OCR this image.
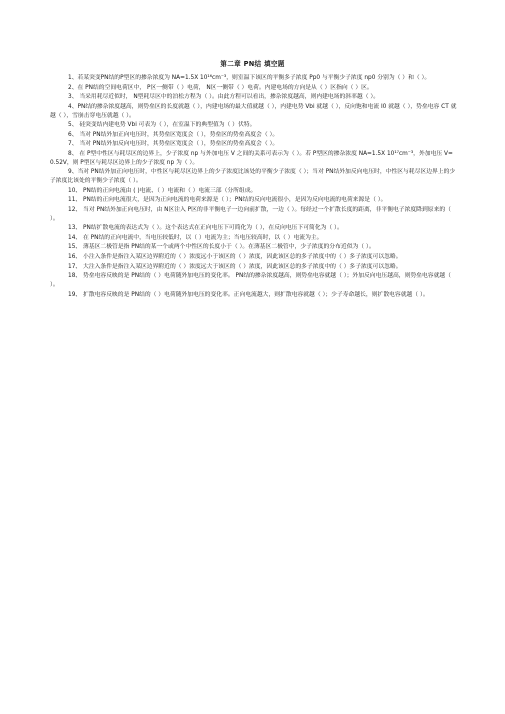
第二章 PN结 填空题

1、若某突变PN结的P型区的掺杂浓度为 NA=1.5X 10¹⁶cm⁻³，则室温下该区的平衡多子浓度 Pp0 与平衡少子浓度 np0 分别为（ ）和（ ）。

2、在 PN结的空间电荷区中， P区一侧带（ ）电荷， N区一侧带（ ）电荷。内建电场的方向是从（ ）区指向（ ）区。

3、 当采用耗尽近似时， N型耗尽区中的泊松方程为（ ）。由此方程可以看出，掺杂浓度越高，则内建电场的斜率越（ ）。

4、PN结的掺杂浓度越高，则势垒区的长度就越（ ），内建电场的最大值就越（ ），内建电势 Vbi 就越（ ），反向饱和电流 I0 就越（ ），势垒电容 CT 就越（ ），雪崩击穿电压就越（ ）。

5、 硅突变结内建电势 Vbi 可表为（ ），在室温下的典型值为（ ）伏特。

6、 当对 PN结外加正向电压时，其势垒区宽度会（ ），势垒区的势垒高度会（ ）。

7、 当对 PN结外加反向电压时，其势垒区宽度会（ ），势垒区的势垒高度会（ ）。

8、 在 P型中性区与耗尽区的边界上，少子浓度 np 与外加电压 V 之间的关系可表示为（ ）。若 P型区的掺杂浓度 NA=1.5X 10¹⁷cm⁻³，外加电压 V= 0.52V，则 P型区与耗尽区边界上的少子浓度 np 为（ ）。

9、当对 PN结外加正向电压时，中性区与耗尽区边界上的少子浓度比该处的平衡少子浓度（ ）；当对 PN结外加反向电压时，中性区与耗尽区边界上的少子浓度比该处的平衡少子浓度（ ）。

10、 PN结的正向电流由 ( )电流、（ ）电流和（ ）电流三部（分所组成。

11、 PN结的正向电流很大，是因为正向电流的电荷来源是（ ）；PN结的反向电流很小，是因为反向电流的电荷来源是（ ）。

12、 当对 PN结外加正向电压时，由 N区注入 P区的非平衡电子一边向前扩散，一边（ ）。每经过一个扩散长度的距离，非平衡电子浓度降到原来的（ ）。

13、 PN结扩散电流的表达式为（ ）。这个表达式在正向电压下可简化为（ ），在反向电压下可简化为（ ）。

14、 在 PN结的正向电流中，当电压较低时，以（ ）电流为主；当电压较高时，以（ ）电流为主。

15、 薄基区二极管是指 PN结的某一个或两个中性区的长度小于（ ）。在薄基区二极管中，少子浓度的分布近似为（ ）。

16、 小注入条件是指注入某区边界附近的（ ）浓度远小于该区的（ ）浓度，因此该区总的多子浓度中的（ ）多子浓度可以忽略。

17、 大注入条件是指注入某区边界附近的（ ）浓度远大于该区的（ ）浓度，因此该区总的多子浓度中的（ ）多子浓度可以忽略。

18、 势垒电容反映的是 PN结的（ ）电荷随外加电压的变化率。 PN结的掺杂浓度越高，则势垒电容就越（ ）；外加反向电压越高，则势垒电容就越（ ）。

19、 扩散电容反映的是 PN结的（ ）电荷随外加电压的变化率。正向电流越大，则扩散电容就越（ ）；少子寿命越长，则扩散电容就越（ ）。
